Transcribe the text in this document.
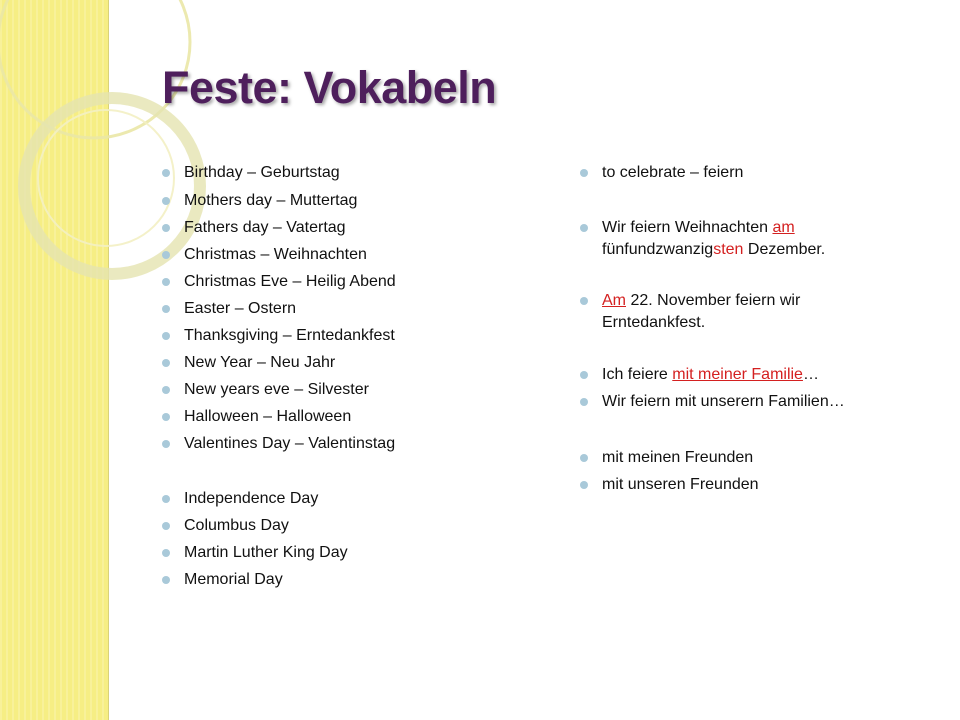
Feste: Vokabeln
Birthday – Geburtstag
Mothers day – Muttertag
Fathers day – Vatertag
Christmas – Weihnachten
Christmas Eve – Heilig Abend
Easter – Ostern
Thanksgiving – Erntedankfest
New Year – Neu Jahr
New years eve – Silvester
Halloween – Halloween
Valentines Day – Valentinstag
Independence Day
Columbus Day
Martin Luther King Day
Memorial Day
to celebrate – feiern
Wir feiern Weihnachten am
fünfundzwanzigsten Dezember.
Am 22. November feiern wir
Erntedankfest.
Ich feiere mit meiner Familie…
Wir feiern mit unserern Familien…
mit meinen Freunden
mit unseren Freunden
